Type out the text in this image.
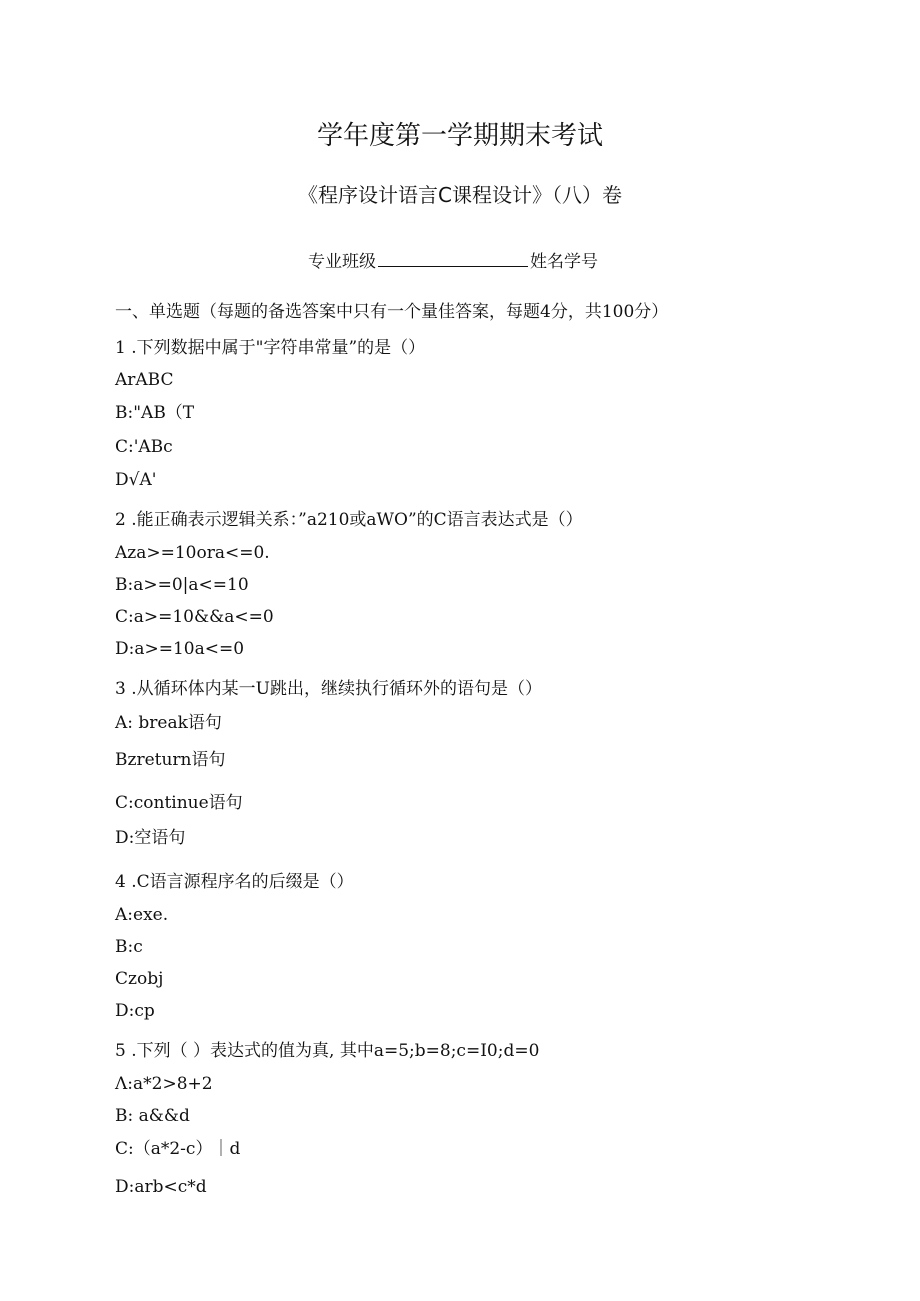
学年度第一学期期末考试
《程序设计语言C课程设计》（八）卷
专业班级	姓名学号
一、单选题（每题的备选答案中只有一个量佳答案，每题4分，共100分）
1 .下列数据中属于"字符串常量”的是（）
ArABC
B:"AB（T
C:'ABc
D√A'
2 .能正确表示逻辑关系：”a210或aWO”的C语言表达式是（）
Aza>=10ora<=0.
B:a>=0|a<=10
C:a>=10&&a<=0
D:a>=10a<=0
3 .从循环体内某一U跳出，继续执行循环外的语句是（）
A: break语句
Bzreturn语句
C:continue语句
D:空语句
4 .C语言源程序名的后缀是（）
A:exe.
B:c
Czobj
D:cp
5 .下列（ ）表达式的值为真, 其中a=5;b=8;c=I0;d=0
Λ:a*2>8+2
B: a&&d
C:（a*2-c）｜d
D:arb<c*d
